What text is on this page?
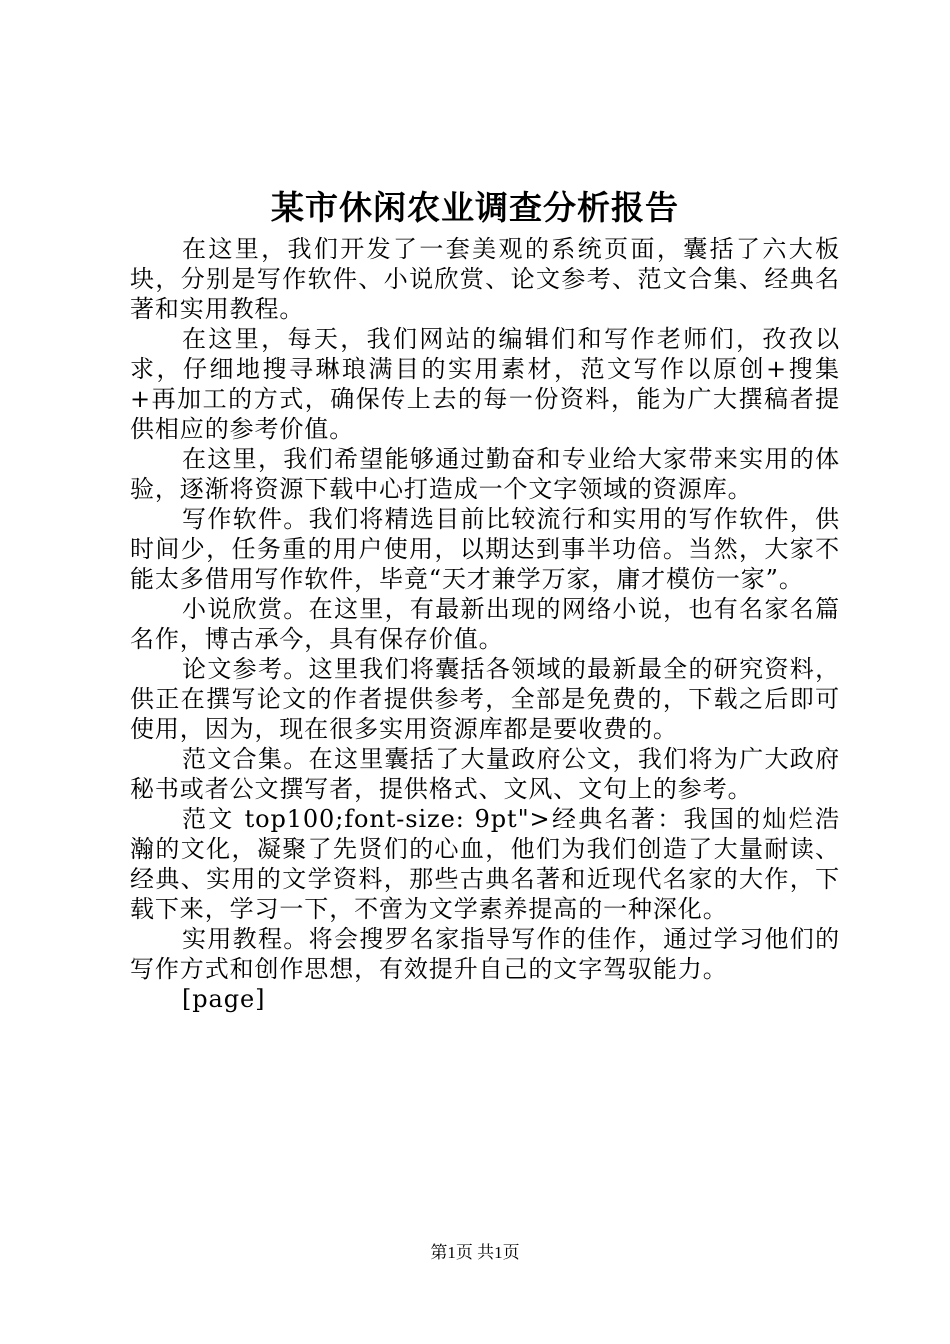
某市休闲农业调查分析报告

在这里，我们开发了一套美观的系统页面，囊括了六大板块，分别是写作软件、小说欣赏、论文参考、范文合集、经典名著和实用教程。

在这里，每天，我们网站的编辑们和写作老师们，孜孜以求，仔细地搜寻琳琅满目的实用素材，范文写作以原创+搜集+再加工的方式，确保传上去的每一份资料，能为广大撰稿者提供相应的参考价值。

在这里，我们希望能够通过勤奋和专业给大家带来实用的体验，逐渐将资源下载中心打造成一个文字领域的资源库。

写作软件。我们将精选目前比较流行和实用的写作软件，供时间少，任务重的用户使用，以期达到事半功倍。当然，大家不能太多借用写作软件，毕竟“天才兼学万家，庸才模仿一家”。

小说欣赏。在这里，有最新出现的网络小说，也有名家名篇名作，博古承今，具有保存价值。

论文参考。这里我们将囊括各领域的最新最全的研究资料，供正在撰写论文的作者提供参考，全部是免费的，下载之后即可使用，因为，现在很多实用资源库都是要收费的。

范文合集。在这里囊括了大量政府公文，我们将为广大政府秘书或者公文撰写者，提供格式、文风、文句上的参考。

范文 top100;font-size: 9pt">经典名著：我国的灿烂浩瀚的文化，凝聚了先贤们的心血，他们为我们创造了大量耐读、经典、实用的文学资料，那些古典名著和近现代名家的大作，下载下来，学习一下，不啻为文学素养提高的一种深化。

实用教程。将会搜罗名家指导写作的佳作，通过学习他们的写作方式和创作思想，有效提升自己的文字驾驭能力。

[page]

第1页 共1页
